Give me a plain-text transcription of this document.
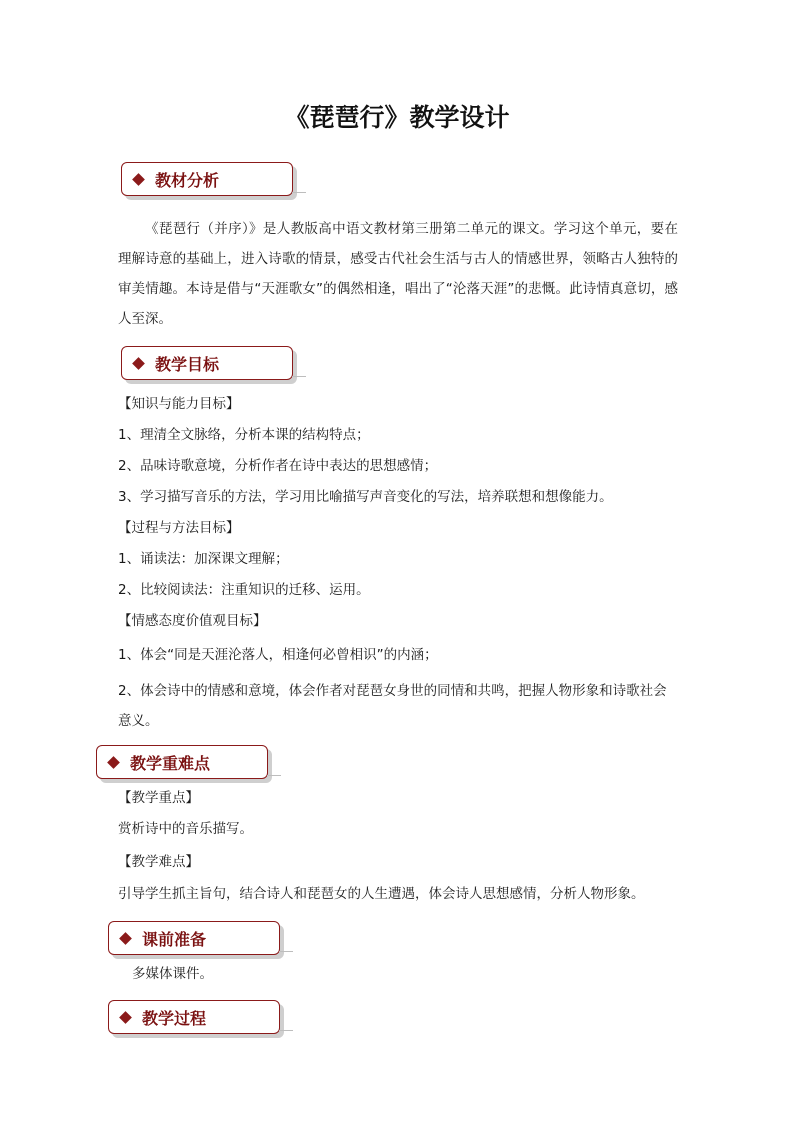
《琵琶行》教学设计
教材分析
《琵琶行（并序）》是人教版高中语文教材第三册第二单元的课文。学习这个单元，要在理解诗意的基础上，进入诗歌的情景，感受古代社会生活与古人的情感世界，领略古人独特的审美情趣。本诗是借与“天涯歌女”的偶然相逢，唱出了“沦落天涯”的悲慨。此诗情真意切，感人至深。
教学目标
【知识与能力目标】
1、理清全文脉络，分析本课的结构特点；
2、品味诗歌意境，分析作者在诗中表达的思想感情；
3、学习描写音乐的方法，学习用比喻描写声音变化的写法，培养联想和想像能力。
【过程与方法目标】
1、诵读法：加深课文理解；
2、比较阅读法：注重知识的迁移、运用。
【情感态度价值观目标】
1、体会“同是天涯沦落人，相逢何必曾相识”的内涵；
2、体会诗中的情感和意境，体会作者对琵琶女身世的同情和共鸣，把握人物形象和诗歌社会意义。
教学重难点
【教学重点】
赏析诗中的音乐描写。
【教学难点】
引导学生抓主旨句，结合诗人和琵琶女的人生遭遇，体会诗人思想感情，分析人物形象。
课前准备
多媒体课件。
教学过程
